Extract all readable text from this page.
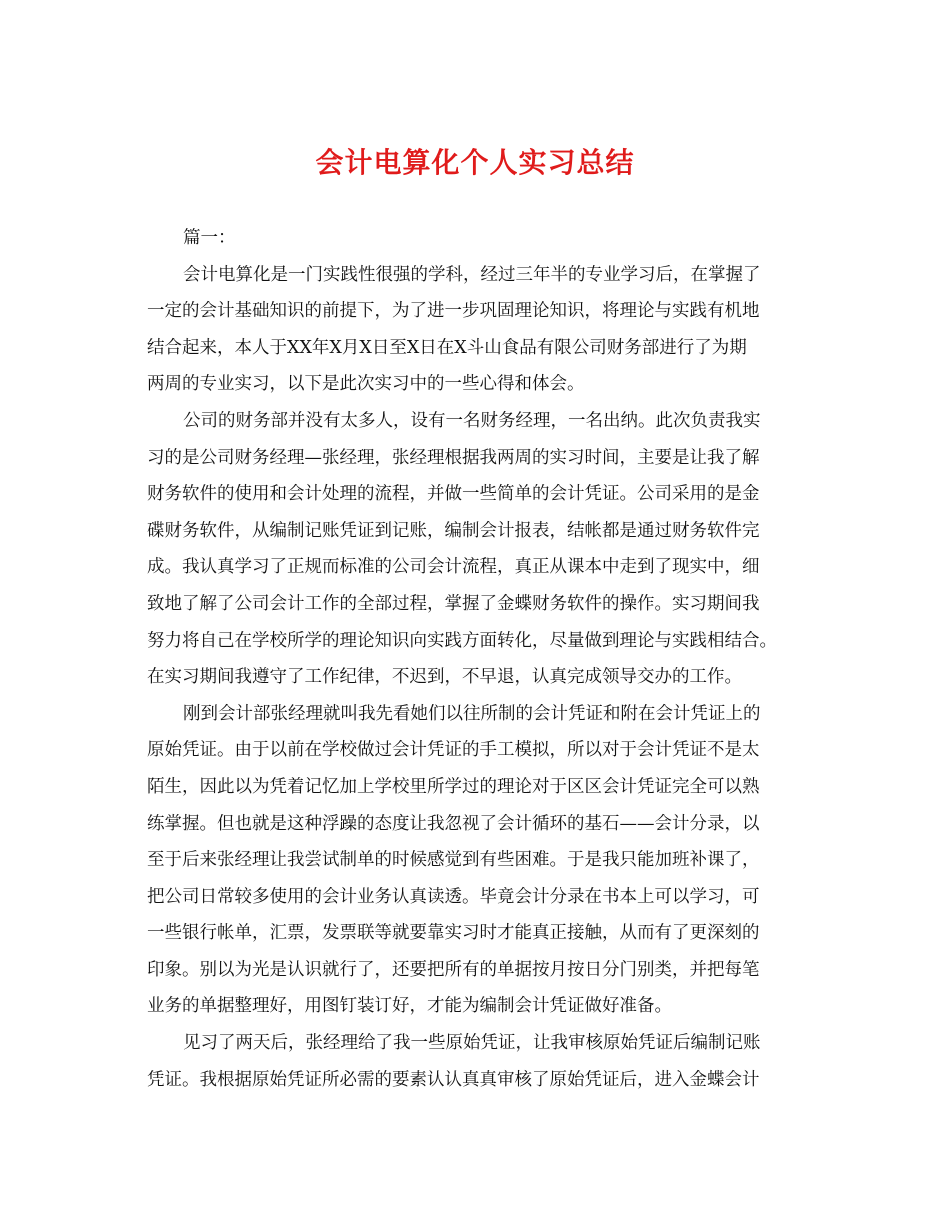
会计电算化个人实习总结
篇一：
会计电算化是一门实践性很强的学科，经过三年半的专业学习后，在掌握了
一定的会计基础知识的前提下，为了进一步巩固理论知识，将理论与实践有机地
结合起来，本人于XX年X月X日至X日在X斗山食品有限公司财务部进行了为期
两周的专业实习，以下是此次实习中的一些心得和体会。
公司的财务部并没有太多人，设有一名财务经理，一名出纳。此次负责我实
习的是公司财务经理—张经理，张经理根据我两周的实习时间，主要是让我了解
财务软件的使用和会计处理的流程，并做一些简单的会计凭证。公司采用的是金
碟财务软件，从编制记账凭证到记账，编制会计报表，结帐都是通过财务软件完
成。我认真学习了正规而标准的公司会计流程，真正从课本中走到了现实中，细
致地了解了公司会计工作的全部过程，掌握了金蝶财务软件的操作。实习期间我
努力将自己在学校所学的理论知识向实践方面转化，尽量做到理论与实践相结合。
在实习期间我遵守了工作纪律，不迟到，不早退，认真完成领导交办的工作。
刚到会计部张经理就叫我先看她们以往所制的会计凭证和附在会计凭证上的
原始凭证。由于以前在学校做过会计凭证的手工模拟，所以对于会计凭证不是太
陌生，因此以为凭着记忆加上学校里所学过的理论对于区区会计凭证完全可以熟
练掌握。但也就是这种浮躁的态度让我忽视了会计循环的基石——会计分录，以
至于后来张经理让我尝试制单的时候感觉到有些困难。于是我只能加班补课了，
把公司日常较多使用的会计业务认真读透。毕竟会计分录在书本上可以学习，可
一些银行帐单，汇票，发票联等就要靠实习时才能真正接触，从而有了更深刻的
印象。别以为光是认识就行了，还要把所有的单据按月按日分门别类，并把每笔
业务的单据整理好，用图钉装订好，才能为编制会计凭证做好准备。
见习了两天后，张经理给了我一些原始凭证，让我审核原始凭证后编制记账
凭证。我根据原始凭证所必需的要素认认真真审核了原始凭证后，进入金蝶会计
